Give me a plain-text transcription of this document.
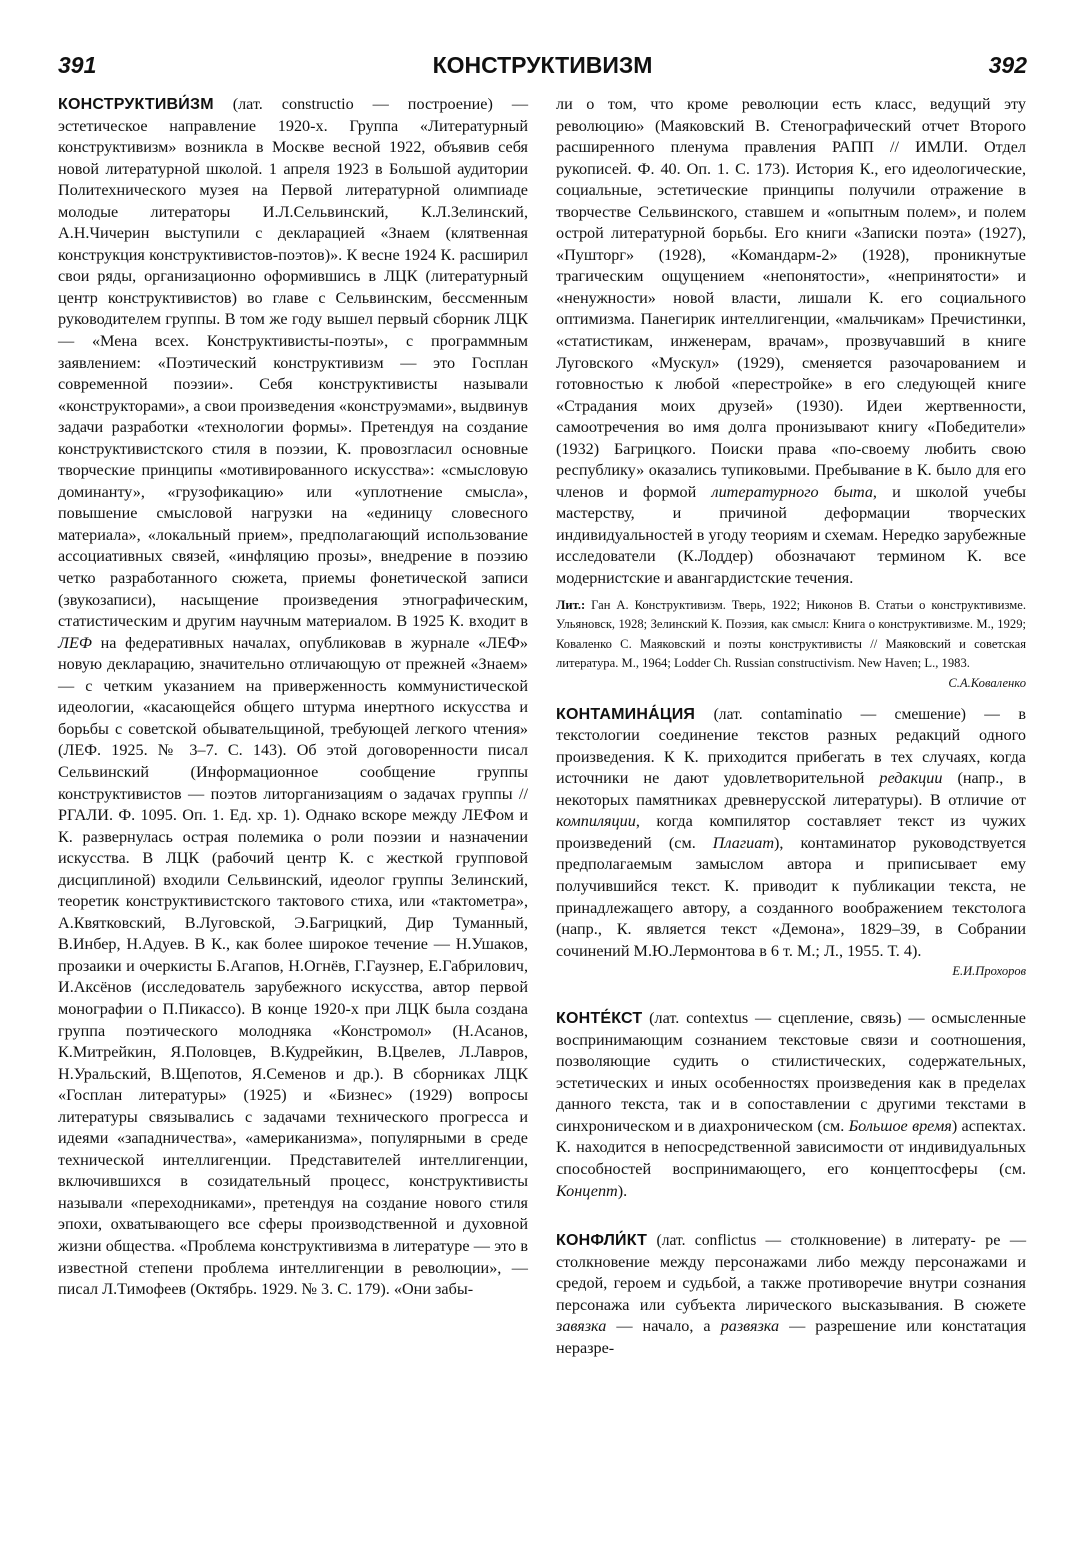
391	КОНСТРУКТИВИЗМ	392

КОНСТРУКТИВИ́ЗМ (лат. constructio — построение) — эстетическое направление 1920-х. Группа «Литературный конструктивизм» возникла в Москве весной 1922, объявив себя новой литературной школой. 1 апреля 1923 в Большой аудитории Политехнического музея на Первой литературной олимпиаде молодые литераторы И.Л.Сельвинский, К.Л.Зелинский, А.Н.Чичерин выступили с декларацией «Знаем (клятвенная конструкция конструктивистов-поэтов)». К весне 1924 К. расширил свои ряды, организационно оформившись в ЛЦК (литературный центр конструктивистов) во главе с Сельвинским, бессменным руководителем группы. В том же году вышел первый сборник ЛЦК — «Мена всех. Конструктивисты-поэты», с программным заявлением: «Поэтический конструктивизм — это Госплан современной поэзии». Себя конструктивисты называли «конструкторами», а свои произведения «конструэмами», выдвинув задачи разработки «технологии формы». Претендуя на создание конструктивистского стиля в поэзии, К. провозгласил основные творческие принципы «мотивированного искусства»: «смысловую доминанту», «грузофикацию» или «уплотнение смысла», повышение смысловой нагрузки на «единицу словесного материала», «локальный прием», предполагающий использование ассоциативных связей, «инфляцию прозы», внедрение в поэзию четко разработанного сюжета, приемы фонетической записи (звукозаписи), насыщение произведения этнографическим, статистическим и другим научным материалом. В 1925 К. входит в ЛЕФ на федеративных началах, опубликовав в журнале «ЛЕФ» новую декларацию, значительно отличающую от прежней «Знаем» — с четким указанием на приверженность коммунистической идеологии, «касающейся общего штурма инертного искусства и борьбы с советской обывательщиной, требующей легкого чтения» (ЛЕФ. 1925. № 3–7. С. 143). Об этой договоренности писал Сельвинский (Информационное сообщение группы конструктивистов — поэтов литорганизациям о задачах группы // РГАЛИ. Ф. 1095. Оп. 1. Ед. хр. 1). Однако вскоре между ЛЕФом и К. развернулась острая полемика о роли поэзии и назначении искусства. В ЛЦК (рабочий центр К. с жесткой групповой дисциплиной) входили Сельвинский, идеолог группы Зелинский, теоретик конструктивистского тактового стиха, или «тактометра», А.Квятковский, В.Луговской, Э.Багрицкий, Дир Туманный, В.Инбер, Н.Адуев. В К., как более широкое течение — Н.Ушаков, прозаики и очеркисты Б.Агапов, Н.Огнёв, Г.Гаузнер, Е.Габрилович, И.Аксёнов (исследователь зарубежного искусства, автор первой монографии о П.Пикассо). В конце 1920-х при ЛЦК была создана группа поэтического молодняка «Констромол» (Н.Асанов, К.Митрейкин, Я.Половцев, В.Кудрейкин, В.Цвелев, Л.Лавров, Н.Уральский, В.Щепотов, Я.Семенов и др.). В сборниках ЛЦК «Госплан литературы» (1925) и «Бизнес» (1929) вопросы литературы связывались с задачами технического прогресса и идеями «западничества», «американизма», популярными в среде технической интеллигенции. Представителей интеллигенции, включившихся в созидательный процесс, конструктивисты называли «переходниками», претендуя на создание нового стиля эпохи, охватывающего все сферы производственной и духовной жизни общества. «Проблема конструктивизма в литературе — это в известной степени проблема интеллигенции в революции», — писал Л.Тимофеев (Октябрь. 1929. № 3. С. 179). «Они забы-

ли о том, что кроме революции есть класс, ведущий эту революцию» (Маяковский В. Стенографический отчет Второго расширенного пленума правления РАПП // ИМЛИ. Отдел рукописей. Ф. 40. Оп. 1. С. 173). История К., его идеологические, социальные, эстетические принципы получили отражение в творчестве Сельвинского, ставшем и «опытным полем», и полем острой литературной борьбы. Его книги «Записки поэта» (1927), «Пушторг» (1928), «Командарм-2» (1928), проникнутые трагическим ощущением «непонятости», «непринятости» и «ненужности» новой власти, лишали К. его социального оптимизма. Панегирик интеллигенции, «мальчикам» Пречистинки, «статистикам, инженерам, врачам», прозвучавший в книге Луговского «Мускул» (1929), сменяется разочарованием и готовностью к любой «перестройке» в его следующей книге «Страдания моих друзей» (1930). Идеи жертвенности, самоотречения во имя долга пронизывают книгу «Победители» (1932) Багрицкого. Поиски права «по-своему любить свою республику» оказались тупиковыми. Пребывание в К. было для его членов и формой литературного быта, и школой учебы мастерству, и причиной деформации творческих индивидуальностей в угоду теориям и схемам. Нередко зарубежные исследователи (К.Лоддер) обозначают термином К. все модернистские и авангардистские течения.

Лит.: Ган А. Конструктивизм. Тверь, 1922; Никонов В. Статьи о конструктивизме. Ульяновск, 1928; Зелинский К. Поэзия, как смысл: Книга о конструктивизме. М., 1929; Коваленко С. Маяковский и поэты конструктивисты // Маяковский и советская литература. М., 1964; Lodder Ch. Russian constructivism. New Haven; L., 1983.
С.А.Коваленко

КОНТАМИНА́ЦИЯ (лат. contaminatio — смешение) — в текстологии соединение текстов разных редакций одного произведения. К К. приходится прибегать в тех случаях, когда источники не дают удовлетворительной редакции (напр., в некоторых памятниках древнерусской литературы). В отличие от компиляции, когда компилятор составляет текст из чужих произведений (см. Плагиат), контаминатор руководствуется предполагаемым замыслом автора и приписывает ему получившийся текст. К. приводит к публикации текста, не принадлежащего автору, а созданного воображением текстолога (напр., К. является текст «Демона», 1829–39, в Собрании сочинений М.Ю.Лермонтова в 6 т. М.; Л., 1955. Т. 4).

Е.И.Прохоров

КОНТЕ́КСТ (лат. contextus — сцепление, связь) — осмысленные воспринимающим сознанием текстовые связи и соотношения, позволяющие судить о стилистических, содержательных, эстетических и иных особенностях произведения как в пределах данного текста, так и в сопоставлении с другими текстами в синхроническом и в диахроническом (см. Большое время) аспектах. К. находится в непосредственной зависимости от индивидуальных способностей воспринимающего, его концептосферы (см. Концепт).

КОНФЛИ́КТ (лат. conflictus — столкновение) в литерату- ре — столкновение между персонажами либо между персонажами и средой, героем и судьбой, а также противоречие внутри сознания персонажа или субъекта лирического высказывания. В сюжете завязка — начало, а развязка — разрешение или констатация неразре-
